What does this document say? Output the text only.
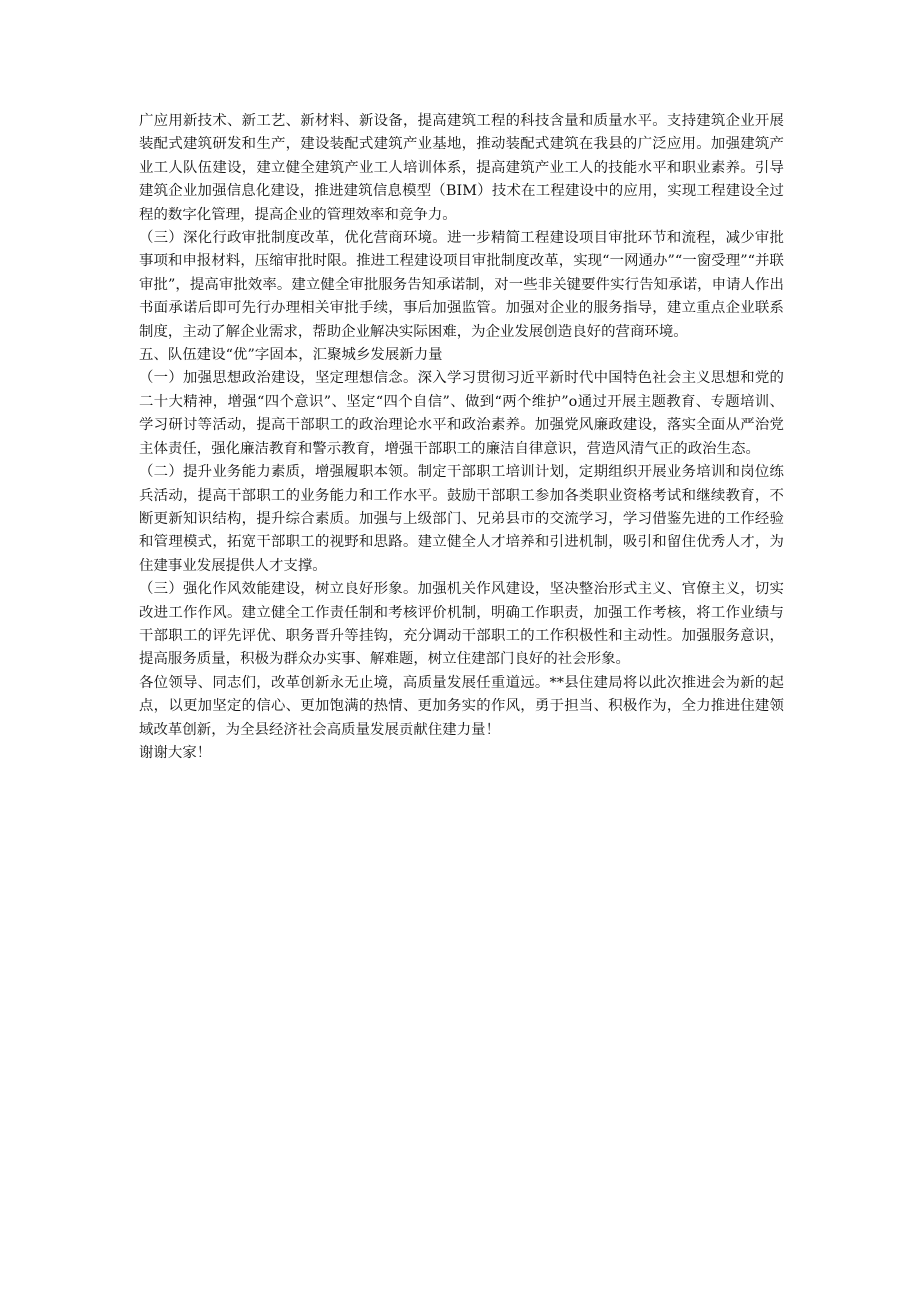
广应用新技术、新工艺、新材料、新设备，提高建筑工程的科技含量和质量水平。支持建筑企业开展装配式建筑研发和生产，建设装配式建筑产业基地，推动装配式建筑在我县的广泛应用。加强建筑产业工人队伍建设，建立健全建筑产业工人培训体系，提高建筑产业工人的技能水平和职业素养。引导建筑企业加强信息化建设，推进建筑信息模型（BIM）技术在工程建设中的应用，实现工程建设全过程的数字化管理，提高企业的管理效率和竞争力。

（三）深化行政审批制度改革，优化营商环境。进一步精简工程建设项目审批环节和流程，减少审批事项和申报材料，压缩审批时限。推进工程建设项目审批制度改革，实现“一网通办”“一窗受理”“并联审批”，提高审批效率。建立健全审批服务告知承诺制，对一些非关键要件实行告知承诺，申请人作出书面承诺后即可先行办理相关审批手续，事后加强监管。加强对企业的服务指导，建立重点企业联系制度，主动了解企业需求，帮助企业解决实际困难，为企业发展创造良好的营商环境。

五、队伍建设“优”字固本，汇聚城乡发展新力量

（一）加强思想政治建设，坚定理想信念。深入学习贯彻习近平新时代中国特色社会主义思想和党的二十大精神，增强“四个意识”、坚定“四个自信”、做到“两个维护”o通过开展主题教育、专题培训、学习研讨等活动，提高干部职工的政治理论水平和政治素养。加强党风廉政建设，落实全面从严治党主体责任，强化廉洁教育和警示教育，增强干部职工的廉洁自律意识，营造风清气正的政治生态。

（二）提升业务能力素质，增强履职本领。制定干部职工培训计划，定期组织开展业务培训和岗位练兵活动，提高干部职工的业务能力和工作水平。鼓励干部职工参加各类职业资格考试和继续教育，不断更新知识结构，提升综合素质。加强与上级部门、兄弟县市的交流学习，学习借鉴先进的工作经验和管理模式，拓宽干部职工的视野和思路。建立健全人才培养和引进机制，吸引和留住优秀人才，为住建事业发展提供人才支撑。

（三）强化作风效能建设，树立良好形象。加强机关作风建设，坚决整治形式主义、官僚主义，切实改进工作作风。建立健全工作责任制和考核评价机制，明确工作职责，加强工作考核，将工作业绩与干部职工的评先评优、职务晋升等挂钩，充分调动干部职工的工作积极性和主动性。加强服务意识，提高服务质量，积极为群众办实事、解难题，树立住建部门良好的社会形象。

各位领导、同志们，改革创新永无止境，高质量发展任重道远。**县住建局将以此次推进会为新的起点，以更加坚定的信心、更加饱满的热情、更加务实的作风，勇于担当、积极作为，全力推进住建领域改革创新，为全县经济社会高质量发展贡献住建力量！

谢谢大家！
